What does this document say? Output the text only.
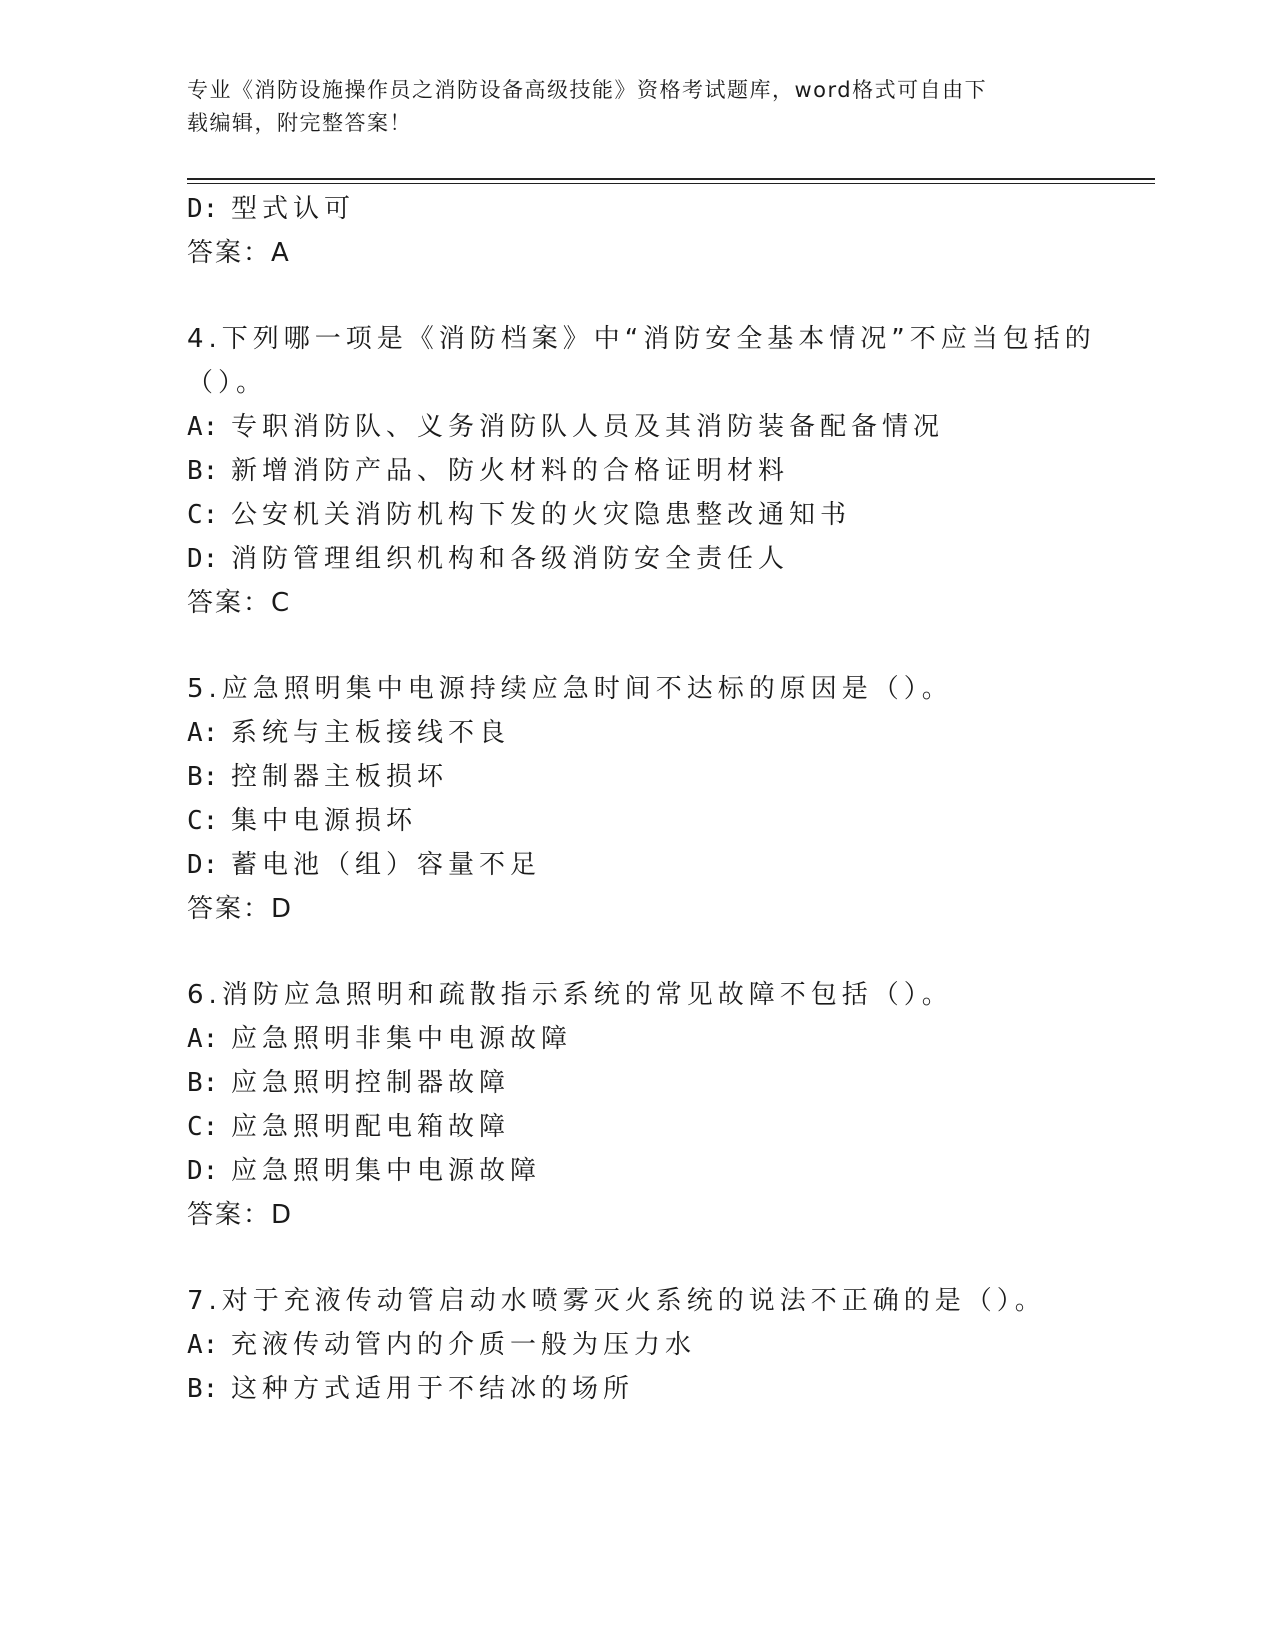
专业《消防设施操作员之消防设备高级技能》资格考试题库，word格式可自由下
载编辑，附完整答案！
D: 型式认可
答案：A
4.下列哪一项是《消防档案》中“消防安全基本情况”不应当包括的
（）。
A: 专职消防队、义务消防队人员及其消防装备配备情况
B: 新增消防产品、防火材料的合格证明材料
C: 公安机关消防机构下发的火灾隐患整改通知书
D: 消防管理组织机构和各级消防安全责任人
答案：C
5.应急照明集中电源持续应急时间不达标的原因是（）。
A: 系统与主板接线不良
B: 控制器主板损坏
C: 集中电源损坏
D: 蓄电池（组）容量不足
答案：D
6.消防应急照明和疏散指示系统的常见故障不包括（）。
A: 应急照明非集中电源故障
B: 应急照明控制器故障
C: 应急照明配电箱故障
D: 应急照明集中电源故障
答案：D
7.对于充液传动管启动水喷雾灭火系统的说法不正确的是（）。
A: 充液传动管内的介质一般为压力水
B: 这种方式适用于不结冰的场所
